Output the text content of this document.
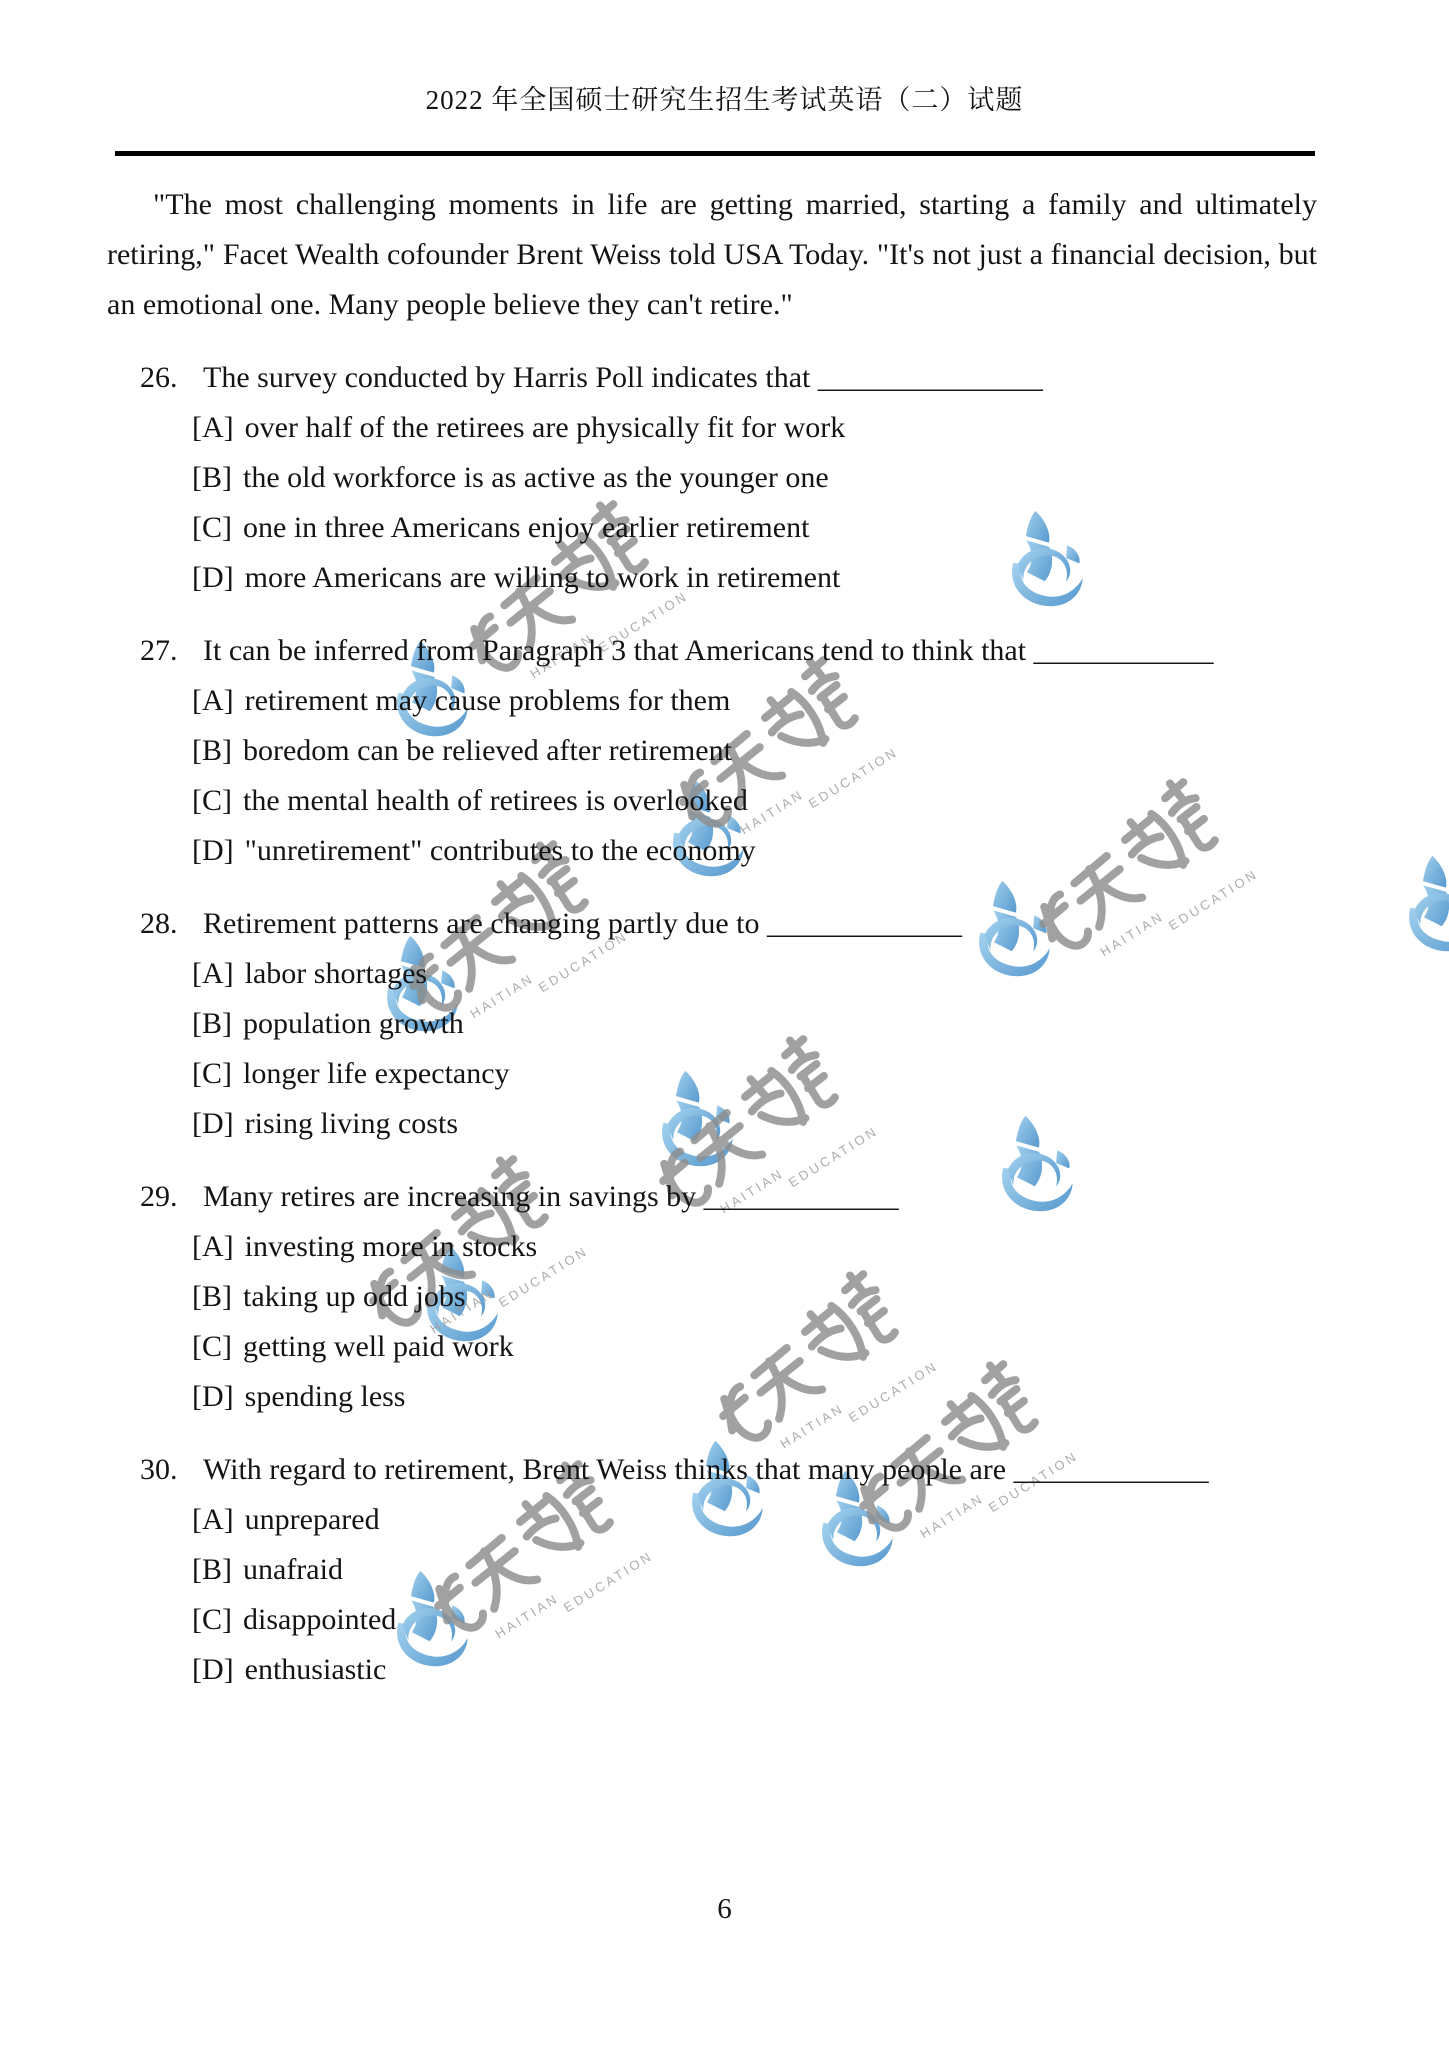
2022 年全国硕士研究生招生考试英语（二）试题

"The most challenging moments in life are getting married, starting a family and ultimately retiring," Facet Wealth cofounder Brent Weiss told USA Today. "It's not just a financial decision, but an emotional one. Many people believe they can't retire."

26. The survey conducted by Harris Poll indicates that _______________
[A] over half of the retirees are physically fit for work
[B] the old workforce is as active as the younger one
[C] one in three Americans enjoy earlier retirement
[D] more Americans are willing to work in retirement
27. It can be inferred from Paragraph 3 that Americans tend to think that ____________
[A] retirement may cause problems for them
[B] boredom can be relieved after retirement
[C] the mental health of retirees is overlooked
[D] "unretirement" contributes to the economy
28. Retirement patterns are changing partly due to _____________
[A] labor shortages
[B] population growth
[C] longer life expectancy
[D] rising living costs
29. Many retires are increasing in savings by _____________
[A] investing more in stocks
[B] taking up odd jobs
[C] getting well paid work
[D] spending less
30. With regard to retirement, Brent Weiss thinks that many people are _____________
[A] unprepared
[B] unafraid
[C] disappointed
[D] enthusiastic
6
